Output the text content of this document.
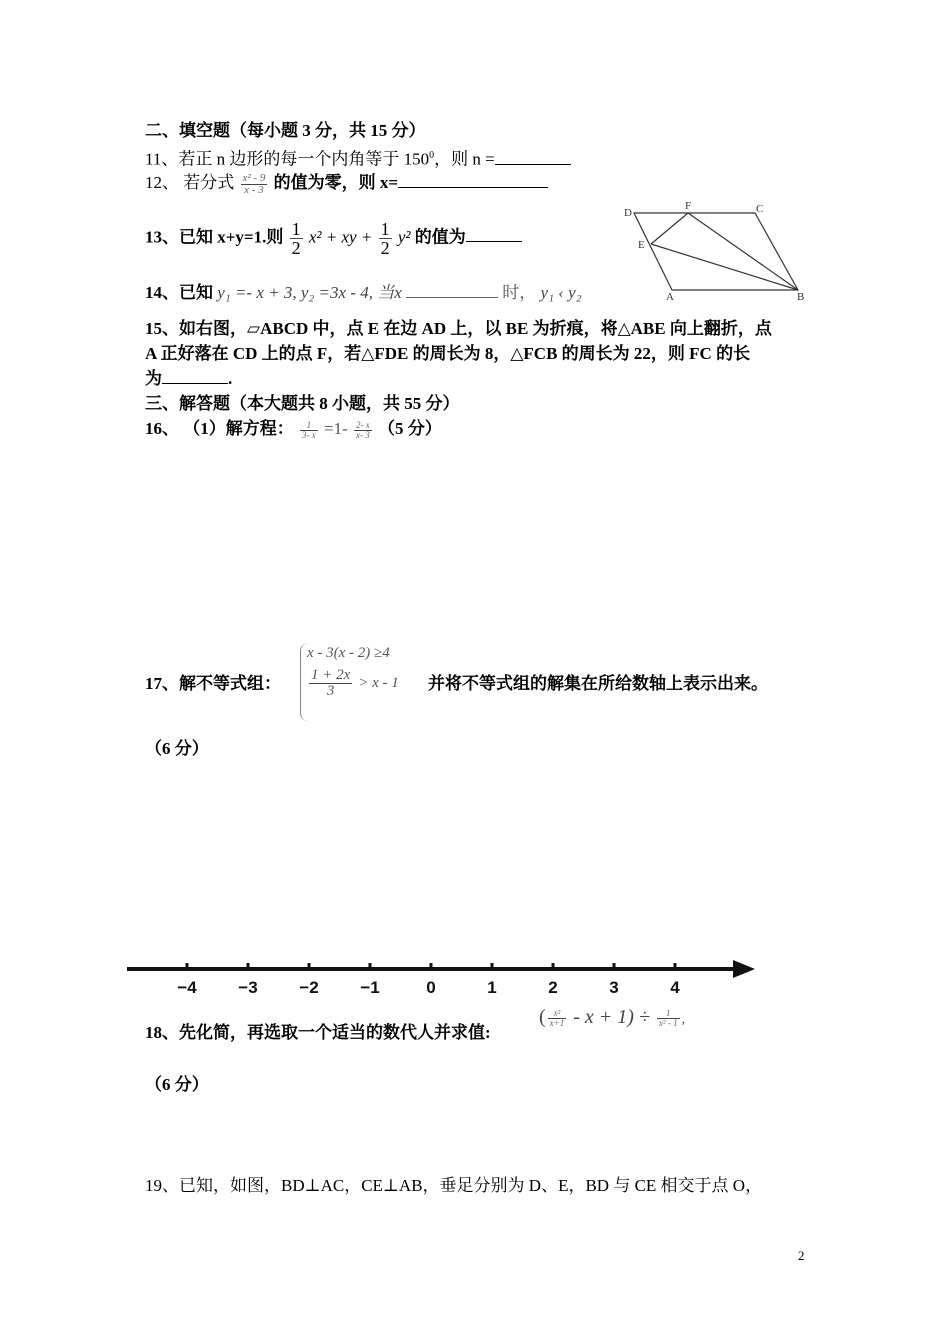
二、填空题（每小题 3 分，共 15 分）
11、若正 n 边形的每一个内角等于 $150^0$，则 n =
12、 若分式 $\frac{\text{x² - 9}}{x - 3}$ 的值为零，则 x=
13、已知 x+y=1.则 $\frac{1}{2} x^2$ + xy + $\frac{1}{2} y^2$ 的值为
14、已知 y₁ =- x + 3, y₂ =3x - 4, 当x	时， y₁ ‹ y₂
D
F	C
E
A	B
15、如右图，▱ABCD 中，点 E 在边 AD 上，以 BE 为折痕，将△ABE 向上翻折，点
A 正好落在 CD 上的点 F，若△FDE 的周长为 8，△FCB 的周长为 22，则 FC 的长
为	.
三、解答题（本大题共 8 小题，共 55 分）
16、 （1）解方程： $\frac{1}{3- x} =1- \frac{2- x}{x- 3} (5$ 分）
17、解不等式组：
x - 3(x - 2) ≥4
$\frac{1 + 2x}{3} > x - 1$ 并将不等式组的解集在所给数轴上表示出来。
（6 分）
−4 −3 −2 −1	0	1	2	3	4
18、先化简，再选取一个适当的数代人并求值:
( $\frac{\text{x²}}{x+1} - x + 1) \div \frac{1}{\text{x² - 1}}$ ,
（6 分）
19、已知，如图，BD⊥AC，CE⊥AB，垂足分别为 D、E，BD 与 CE 相交于点 O，
2
